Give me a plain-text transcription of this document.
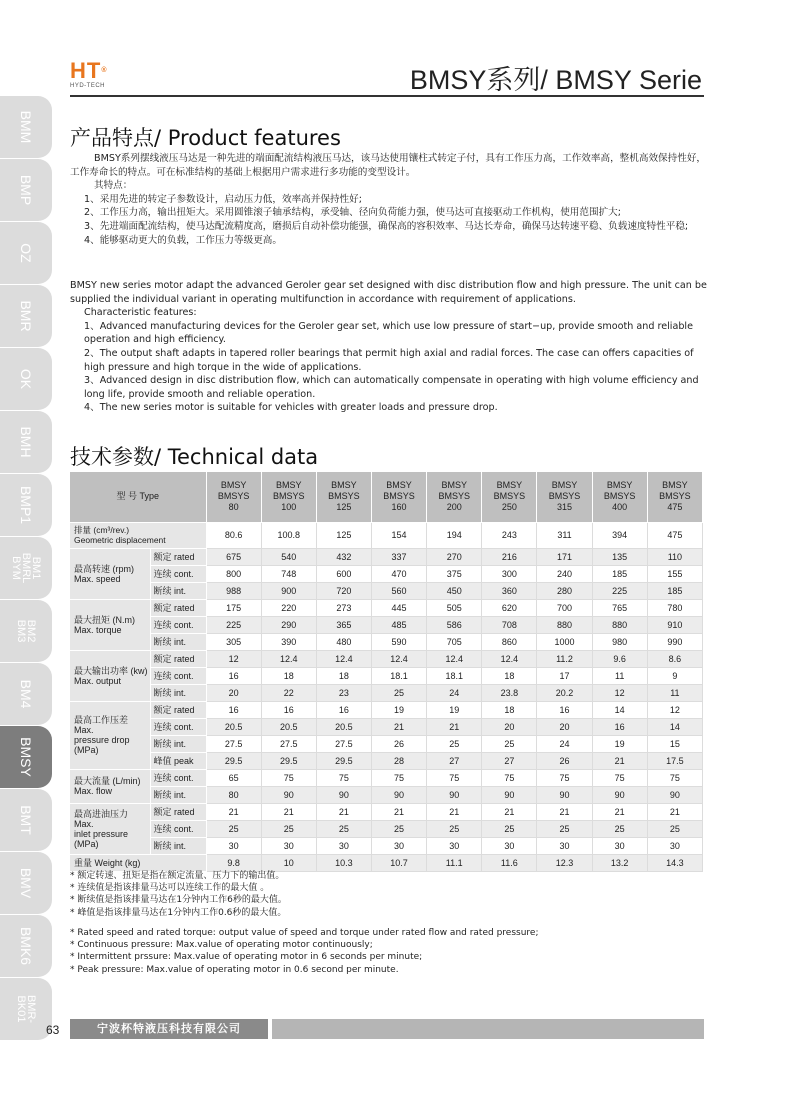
HT®
HYD-TECH	BMSY系列/ BMSY Serie
BMM
BMP
OZ
BMR
OK
BMH
BMP1
BM1
BMRL
BYM
BM2
BM3
BM4
BMSY
BMT
BMV
BMK6
BMR-
BK01
产品特点/ Product features

BMSY系列摆线液压马达是一种先进的端面配流结构液压马达，该马达使用镶柱式转定子付，具有工作压力高，工作效率高，整机高效保持性好，工作寿命长的特点。可在标准结构的基础上根据用户需求进行多功能的变型设计。

其特点：

1、采用先进的转定子参数设计，启动压力低，效率高并保持性好;

2、工作压力高，输出扭矩大。采用圆锥滚子轴承结构，承受轴、径向负荷能力强，使马达可直接驱动工作机构，使用范围扩大;

3、先进端面配流结构，使马达配流精度高，磨损后自动补偿功能强，确保高的容积效率、马达长寿命，确保马达转速平稳、负载速度特性平稳;

4、能够驱动更大的负载，工作压力等级更高。

BMSY new series motor adapt the advanced Geroler gear set designed with disc distribution flow and high pressure. The unit can be supplied the individual variant in operating multifunction in accordance with requirement of applications.

Characteristic features:

1、Advanced manufacturing devices for the Geroler gear set, which use low pressure of start−up, provide smooth and reliable operation and high efficiency.

2、The output shaft adapts in tapered roller bearings that permit high axial and radial forces. The case can offers capacities of high pressure and high torque in the wide of applications.

3、Advanced design in disc distribution flow, which can automatically compensate in operating with high volume efficiency and long life, provide smooth and reliable operation.

4、The new series motor is suitable for vehicles with greater loads and pressure drop.

技术参数/ Technical data
型 号 Type		BMSY
BMSYS
80	BMSY
BMSYS
100	BMSY
BMSYS
125	BMSY
BMSYS
160	BMSY
BMSYS
200	BMSY
BMSYS
250	BMSY
BMSYS
315	BMSY
BMSYS
400	BMSY
BMSYS
475
排量 (cm³/rev.)
Geometric displacement		80.6	100.8	125	154	194	243	311	394	475
最高转速 (rpm)
Max. speed	额定 rated	675	540	432	337	270	216	171	135	110
	连续 cont.	800	748	600	470	375	300	240	185	155
	断续 int.	988	900	720	560	450	360	280	225	185
最大扭矩 (N.m)
Max. torque	额定 rated	175	220	273	445	505	620	700	765	780
	连续 cont.	225	290	365	485	586	708	880	880	910
	断续 int.	305	390	480	590	705	860	1000	980	990
最大输出功率 (kw)
Max. output	额定 rated	12	12.4	12.4	12.4	12.4	12.4	11.2	9.6	8.6
	连续 cont.	16	18	18	18.1	18.1	18	17	11	9
	断续 int.	20	22	23	25	24	23.8	20.2	12	11
最高工作压差
Max.
pressure drop
(MPa)	额定 rated	16	16	16	19	19	18	16	14	12
	连续 cont.	20.5	20.5	20.5	21	21	20	20	16	14
	断续 int.	27.5	27.5	27.5	26	25	25	24	19	15
	峰值 peak	29.5	29.5	29.5	28	27	27	26	21	17.5
最大流量 (L/min)
Max. flow	连续 cont.	65	75	75	75	75	75	75	75	75
	断续 int.	80	90	90	90	90	90	90	90	90
最高进油压力
Max.
inlet pressure
(MPa)	额定 rated	21	21	21	21	21	21	21	21	21
	连续 cont.	25	25	25	25	25	25	25	25	25
	断续 int.	30	30	30	30	30	30	30	30	30
重量 Weight (kg)		9.8	10	10.3	10.7	11.1	11.6	12.3	13.2	14.3

* 额定转速、扭矩是指在额定流量、压力下的输出值。

* 连续值是指该排量马达可以连续工作的最大值 。

* 断续值是指该排量马达在1分钟内工作6秒的最大值。

* 峰值是指该排量马达在1分钟内工作0.6秒的最大值。

* Rated speed and rated torque: output value of speed and torque under rated flow and rated pressure;

* Continuous pressure: Max.value of operating motor continuously;

* Intermittent prssure: Max.value of operating motor in 6 seconds per minute;

* Peak pressure: Max.value of operating motor in 0.6 second per minute.

63	宁波杯特液压科技有限公司
